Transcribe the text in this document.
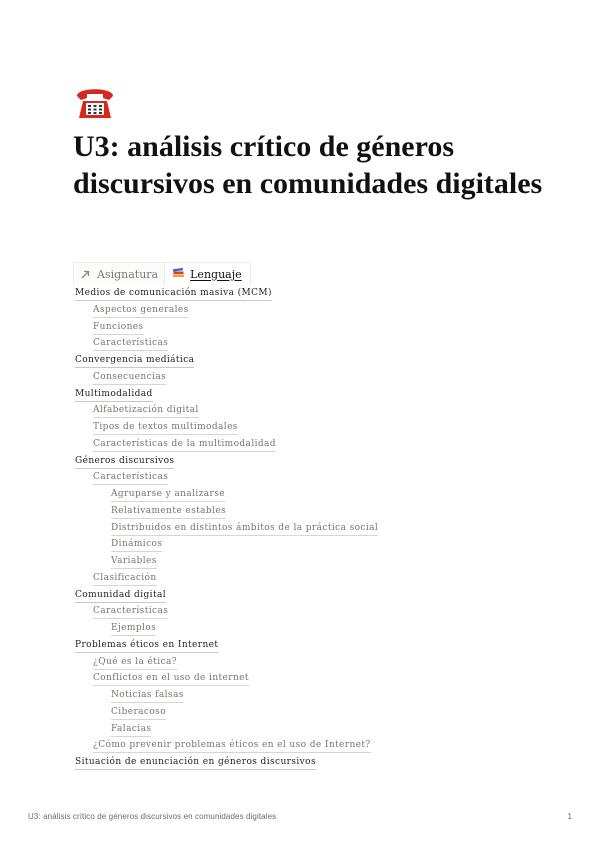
U3: análisis crítico de géneros discursivos en comunidades digitales
Asignatura	Lenguaje
Medios de comunicación masiva (MCM)
Aspectos generales
Funciones
Características
Convergencia mediática
Consecuencias
Multimodalidad
Alfabetización digital
Tipos de textos multimodales
Características de la multimodalidad
Géneros discursivos
Características
Agruparse y analizarse
Relativamente estables
Distribuidos en distintos ámbitos de la práctica social
Dinámicos
Variables
Clasificación
Comunidad digital
Características
Ejemplos
Problemas éticos en Internet
¿Qué es la ética?
Conflictos en el uso de internet
Noticias falsas
Ciberacoso
Falacias
¿Cómo prevenir problemas éticos en el uso de Internet?
Situación de enunciación en géneros discursivos
U3: análisis crítico de géneros discursivos en comunidades digitales	1
